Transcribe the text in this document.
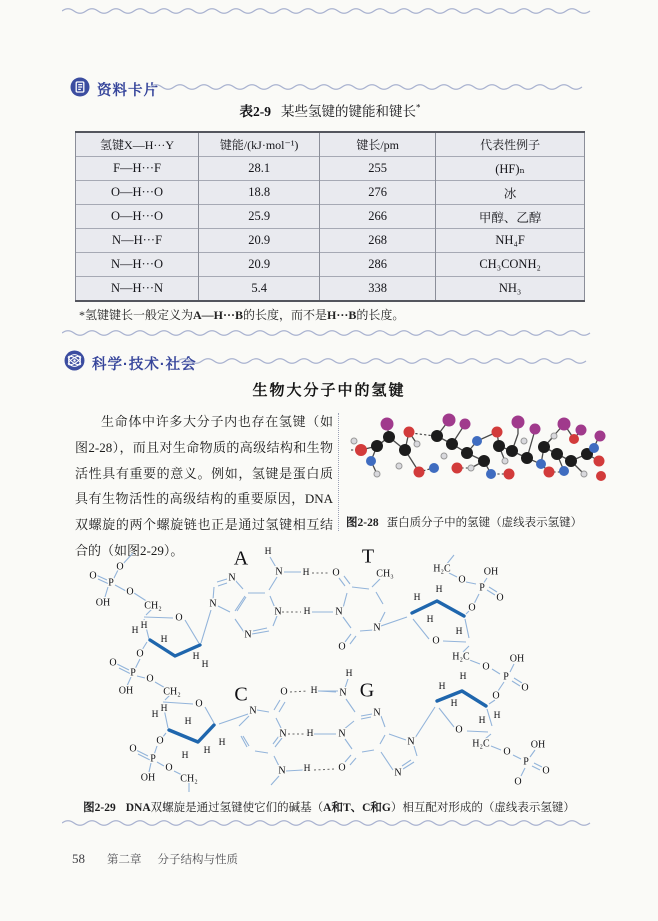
资料卡片
表2-9 某些氢键的键能和键长*
氢键X—H···Y	键能/(kJ·mol⁻¹)	键长/pm	代表性例子
F—H···F	28.1	255	(HF)ₙ
O—H···O	18.8	276	冰
O—H···O	25.9	266	甲醇、乙醇
N—H···F	20.9	268	NH₄F
N—H···O	20.9	286	CH₃CONH₂
N—H···N	5.4	338	NH₃
*氢键键长一般定义为A—H···B的长度，而不是H···B的长度。
科学·技术·社会
生物大分子中的氢键
生命体中许多大分子内也存在氢键（如图2-28），而且对生命物质的高级结构和生物活性具有重要的意义。例如，氢键是蛋白质具有生物活性的高级结构的重要原因，DNA双螺旋的两个螺旋链也正是通过氢键相互结合的（如图2-29）。
图2-28 蛋白质分子中的氢键（虚线表示氢键）
A	T
C	G
O
P
O
OH
O
CH₂
O
O
H H
H
H
H
N
N
N
N
N
H
H
H
O
O
N
N
CH₃	H₂C
O
P
OH
O
O
O
H
H
H
H
H₂C
O
P
OH
O
O
O
H
H
H
H H
H₂C
O
P
OH
O
O
N
N
N
N
N
H
H
H
N
N
O
N H	O
P
O
OH
O
CH₂
O
O
P
O
OH
O
CH₂
H
H
H
H
H
H
图2-29 DNA双螺旋是通过氢键使它们的碱基（A和T、C和G）相互配对形成的（虚线表示氢键）
58 第二章 分子结构与性质
